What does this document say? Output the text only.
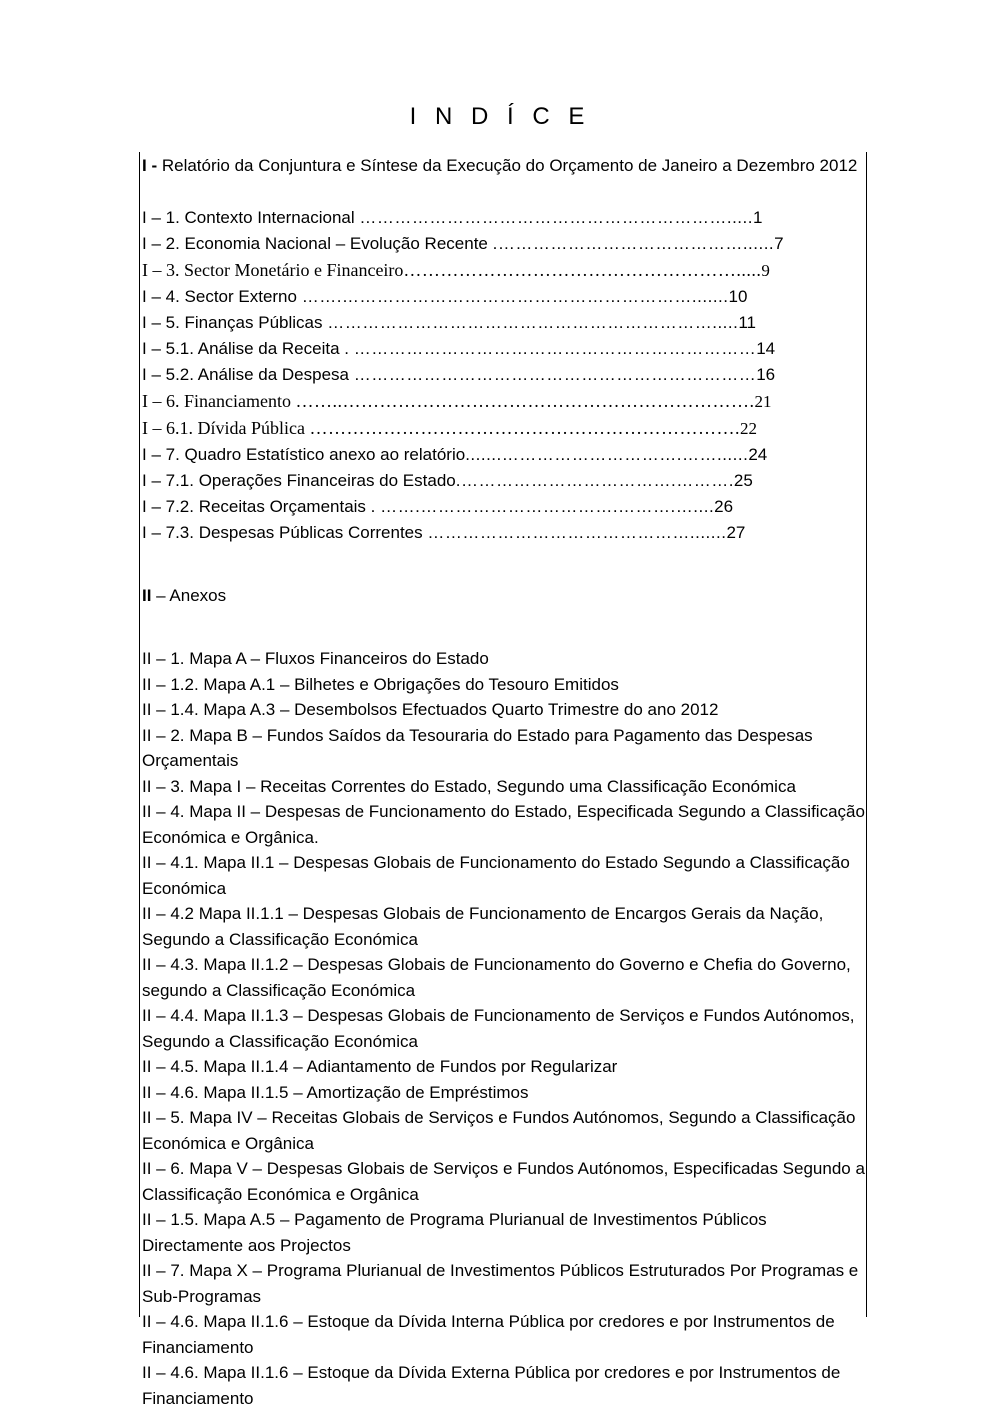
I N D Í C E

I - Relatório da Conjuntura e Síntese da Execução do Orçamento de Janeiro a Dezembro 2012

I – 1. Contexto Internacional ……………………………………………………….....1
I – 2. Economia Nacional – Evolução Recente .……………………………………......7
I – 3. Sector Monetário e Financeiro……………………………………………….....9
I – 4. Sector Externo …….…………………………………………………….......10
I – 5. Finanças Públicas ………………………………………………………….....11
I – 5.1. Análise da Receita . ……………………………………………………………14
I – 5.2. Análise da Despesa ……………………………………………………………16
I – 6. Financiamento ……..………………………………………………………….21
I – 6.1. Dívida Pública …………………………………………………………….22
I – 7. Quadro Estatístico anexo ao relatório.......………………………….……......24
I – 7.1. Operações Financeiras do Estado.……………………………….……….25
I – 7.2. Receitas Orçamentais . …….…………………………….……….…....26
I – 7.3. Despesas Públicas Correntes ……………………………………….......27

II – Anexos

II – 1. Mapa A – Fluxos Financeiros do Estado
II – 1.2. Mapa A.1 – Bilhetes e Obrigações do Tesouro Emitidos
II – 1.4. Mapa A.3 – Desembolsos Efectuados Quarto Trimestre do ano 2012
II – 2. Mapa B – Fundos Saídos da Tesouraria do Estado para Pagamento das Despesas Orçamentais
II – 3. Mapa I – Receitas Correntes do Estado, Segundo uma Classificação Económica
II – 4. Mapa II – Despesas de Funcionamento do Estado, Especificada Segundo a Classificação Económica e Orgânica.
II – 4.1. Mapa II.1 – Despesas Globais de Funcionamento do Estado Segundo a Classificação Económica
II – 4.2 Mapa II.1.1 – Despesas Globais de Funcionamento de Encargos Gerais da Nação, Segundo a Classificação Económica
II – 4.3. Mapa II.1.2 – Despesas Globais de Funcionamento do Governo e Chefia do Governo, segundo a Classificação Económica
II – 4.4. Mapa II.1.3 – Despesas Globais de Funcionamento de Serviços e Fundos Autónomos, Segundo a Classificação Económica
II – 4.5. Mapa II.1.4 – Adiantamento de Fundos por Regularizar
II – 4.6. Mapa II.1.5 – Amortização de Empréstimos
II – 5. Mapa IV – Receitas Globais de Serviços e Fundos Autónomos, Segundo a Classificação Económica e Orgânica
II – 6. Mapa V – Despesas Globais de Serviços e Fundos Autónomos, Especificadas Segundo a Classificação Económica e Orgânica
II – 1.5. Mapa A.5 – Pagamento de Programa Plurianual de Investimentos Públicos Directamente aos Projectos
II – 7. Mapa X – Programa Plurianual de Investimentos Públicos Estruturados Por Programas e Sub-Programas
II – 4.6. Mapa II.1.6 – Estoque da Dívida Interna Pública por credores e por Instrumentos de Financiamento
II – 4.6. Mapa II.1.6 – Estoque da Dívida Externa Pública por credores e por Instrumentos de Financiamento
